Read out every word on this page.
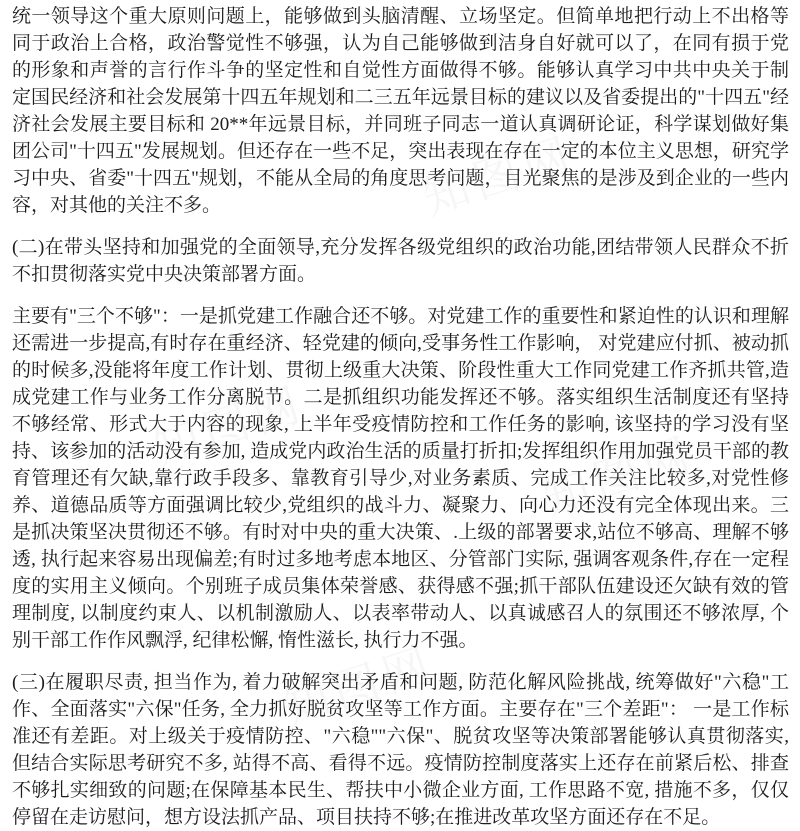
知图网
知图网
知图网
知图网

统一领导这个重大原则问题上，能够做到头脑清醒、立场坚定。但简单地把行动上不出格等同于政治上合格，政治警觉性不够强，认为自己能够做到洁身自好就可以了，在同有损于党的形象和声誉的言行作斗争的坚定性和自觉性方面做得不够。能够认真学习中共中央关于制定国民经济和社会发展第十四五年规划和二三五年远景目标的建议以及省委提出的"十四五"经济社会发展主要目标和 20**年远景目标，并同班子同志一道认真调研论证，科学谋划做好集团公司"十四五"发展规划。但还存在一些不足，突出表现在存在一定的本位主义思想，研究学习中央、省委"十四五"规划，不能从全局的角度思考问题，目光聚焦的是涉及到企业的一些内容，对其他的关注不多。

(二)在带头坚持和加强党的全面领导,充分发挥各级党组织的政治功能,团结带领人民群众不折不扣贯彻落实党中央决策部署方面。

主要有"三个不够"：一是抓党建工作融合还不够。对党建工作的重要性和紧迫性的认识和理解还需进一步提高,有时存在重经济、轻党建的倾向,受事务性工作影响， 对党建应付抓、被动抓的时候多,没能将年度工作计划、贯彻上级重大决策、阶段性重大工作同党建工作齐抓共管,造成党建工作与业务工作分离脱节。二是抓组织功能发挥还不够。落实组织生活制度还有坚持不够经常、形式大于内容的现象, 上半年受疫情防控和工作任务的影响, 该坚持的学习没有坚持、该参加的活动没有参加, 造成党内政治生活的质量打折扣;发挥组织作用加强党员干部的教育管理还有欠缺,靠行政手段多、靠教育引导少,对业务素质、完成工作关注比较多,对党性修养、道德品质等方面强调比较少,党组织的战斗力、凝聚力、向心力还没有完全体现出来。三是抓决策坚决贯彻还不够。有时对中央的重大决策、.上级的部署要求,站位不够高、理解不够透, 执行起来容易出现偏差;有时过多地考虑本地区、分管部门实际, 强调客观条件,存在一定程度的实用主义倾向。个别班子成员集体荣誉感、获得感不强;抓干部队伍建设还欠缺有效的管理制度, 以制度约束人、以机制激励人、以表率带动人、以真诚感召人的氛围还不够浓厚, 个别干部工作作风飘浮, 纪律松懈, 惰性滋长, 执行力不强。

(三)在履职尽责, 担当作为, 着力破解突出矛盾和问题, 防范化解风险挑战, 统筹做好"六稳"工作、全面落实"六保"任务, 全力抓好脱贫攻坚等工作方面。主要存在"三个差距"： 一是工作标准还有差距。对上级关于疫情防控、"六稳""六保"、脱贫攻坚等决策部署能够认真贯彻落实, 但结合实际思考研究不多, 站得不高、看得不远。疫情防控制度落实上还存在前紧后松、排查不够扎实细致的问题;在保障基本民生、帮扶中小微企业方面, 工作思路不宽, 措施不多，仅仅停留在走访慰问，想方设法抓产品、项目扶持不够;在推进改革攻坚方面还存在不足。
